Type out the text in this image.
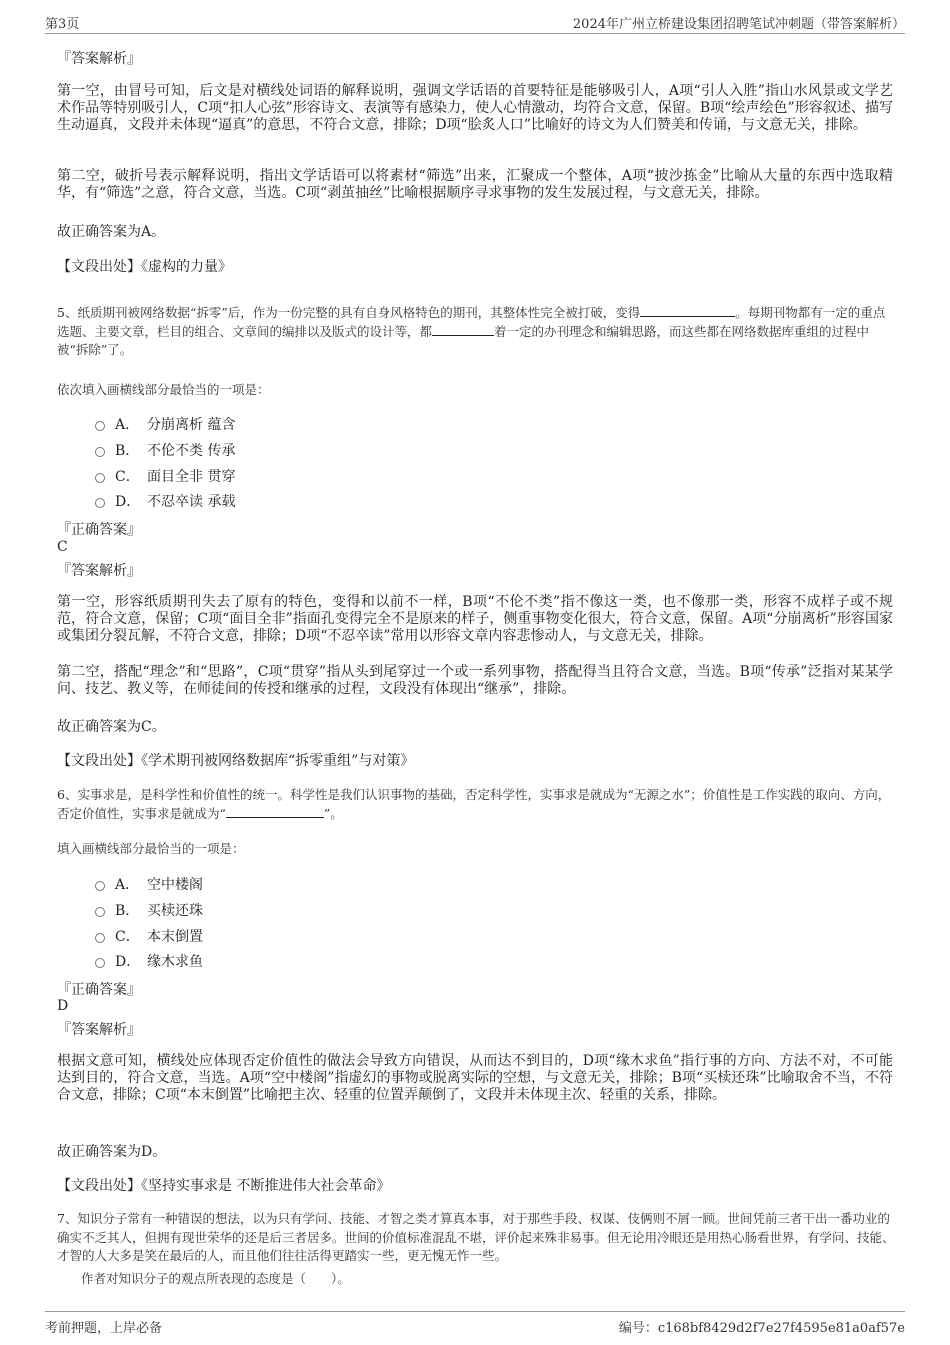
第3页	2024年广州立桥建设集团招聘笔试冲刺题（带答案解析）
『答案解析』
第一空，由冒号可知，后文是对横线处词语的解释说明，强调文学话语的首要特征是能够吸引人，A项“引人入胜”指山水风景或文学艺术作品等特别吸引人，C项“扣人心弦”形容诗文、表演等有感染力，使人心情激动，均符合文意，保留。B项“绘声绘色”形容叙述、描写生动逼真，文段并未体现“逼真”的意思，不符合文意，排除；D项“脍炙人口”比喻好的诗文为人们赞美和传诵，与文意无关，排除。
第二空，破折号表示解释说明，指出文学话语可以将素材“筛选”出来，汇聚成一个整体，A项“披沙拣金”比喻从大量的东西中选取精华，有“筛选”之意，符合文意，当选。C项“剥茧抽丝”比喻根据顺序寻求事物的发生发展过程，与文意无关，排除。
故正确答案为A。
【文段出处】《虚构的力量》
5、纸质期刊被网络数据“拆零”后，作为一份完整的具有自身风格特色的期刊，其整体性完全被打破，变得	。每期刊物都有一定的重点选题、主要文章，栏目的组合、文章间的编排以及版式的设计等，都	着一定的办刊理念和编辑思路，而这些都在网络数据库重组的过程中被“拆除”了。
依次填入画横线部分最恰当的一项是：
A． 分崩离析 蕴含
B． 不伦不类 传承
C． 面目全非 贯穿
D． 不忍卒读 承载
『正确答案』
C
『答案解析』
第一空，形容纸质期刊失去了原有的特色，变得和以前不一样，B项“不伦不类”指不像这一类，也不像那一类，形容不成样子或不规范，符合文意，保留；C项“面目全非”指面孔变得完全不是原来的样子，侧重事物变化很大，符合文意，保留。A项“分崩离析”形容国家或集团分裂瓦解，不符合文意，排除；D项“不忍卒读”常用以形容文章内容悲惨动人，与文意无关，排除。
第二空，搭配“理念”和“思路”，C项“贯穿”指从头到尾穿过一个或一系列事物，搭配得当且符合文意，当选。B项“传承”泛指对某某学问、技艺、教义等，在师徒间的传授和继承的过程，文段没有体现出“继承”，排除。
故正确答案为C。
【文段出处】《学术期刊被网络数据库“拆零重组”与对策》
6、实事求是，是科学性和价值性的统一。科学性是我们认识事物的基础，否定科学性，实事求是就成为“无源之水”；价值性是工作实践的取向、方向，否定价值性，实事求是就成为“	”。
填入画横线部分最恰当的一项是：
A． 空中楼阁
B． 买椟还珠
C． 本末倒置
D． 缘木求鱼
『正确答案』
D
『答案解析』
根据文意可知，横线处应体现否定价值性的做法会导致方向错误，从而达不到目的，D项“缘木求鱼”指行事的方向、方法不对，不可能达到目的，符合文意，当选。A项“空中楼阁”指虚幻的事物或脱离实际的空想，与文意无关，排除；B项“买椟还珠”比喻取舍不当，不符合文意，排除；C项“本末倒置”比喻把主次、轻重的位置弄颠倒了，文段并未体现主次、轻重的关系，排除。
故正确答案为D。
【文段出处】《坚持实事求是 不断推进伟大社会革命》
7、知识分子常有一种错误的想法，以为只有学问、技能、才智之类才算真本事，对于那些手段、权谋、伎俩则不屑一顾。世间凭前三者干出一番功业的确实不乏其人，但拥有现世荣华的还是后三者居多。世间的价值标准混乱不堪，评价起来殊非易事。但无论用冷眼还是用热心肠看世界，有学问、技能、才智的人大多是笑在最后的人，而且他们往往活得更踏实一些，更无愧无怍一些。
作者对知识分子的观点所表现的态度是（　　）。
考前押题，上岸必备	编号：c168bf8429d2f7e27f4595e81a0af57e
